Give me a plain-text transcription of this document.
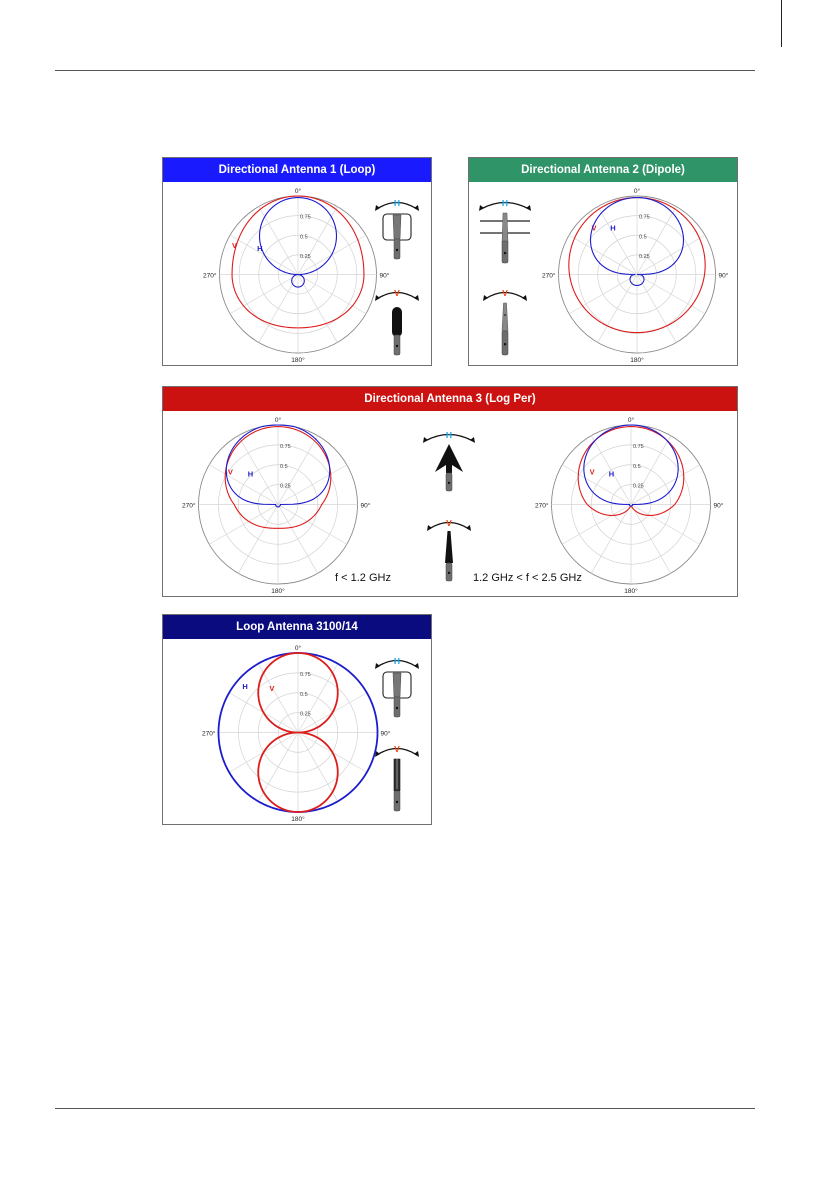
Directional Antenna 1 (Loop)
0°
90°
180°
270°
0.75
0.5
0.25
V	H
H
V
Directional Antenna 2 (Dipole)
H
V
0°
90°
180°
270°
0.75
0.5
0.25
V H
Directional Antenna 3 (Log Per)
0°
90°
180°
270°
0.75
0.5
0.25
V H
H
V
f < 1.2 GHz	1.2 GHz < f < 2.5 GHz
0°
90°
180°
270°
0.75
0.5
0.25
V H
Loop Antenna 3100/14
0°
90°
180°
270°
0.75
0.5
0.25
H	V
H
V
